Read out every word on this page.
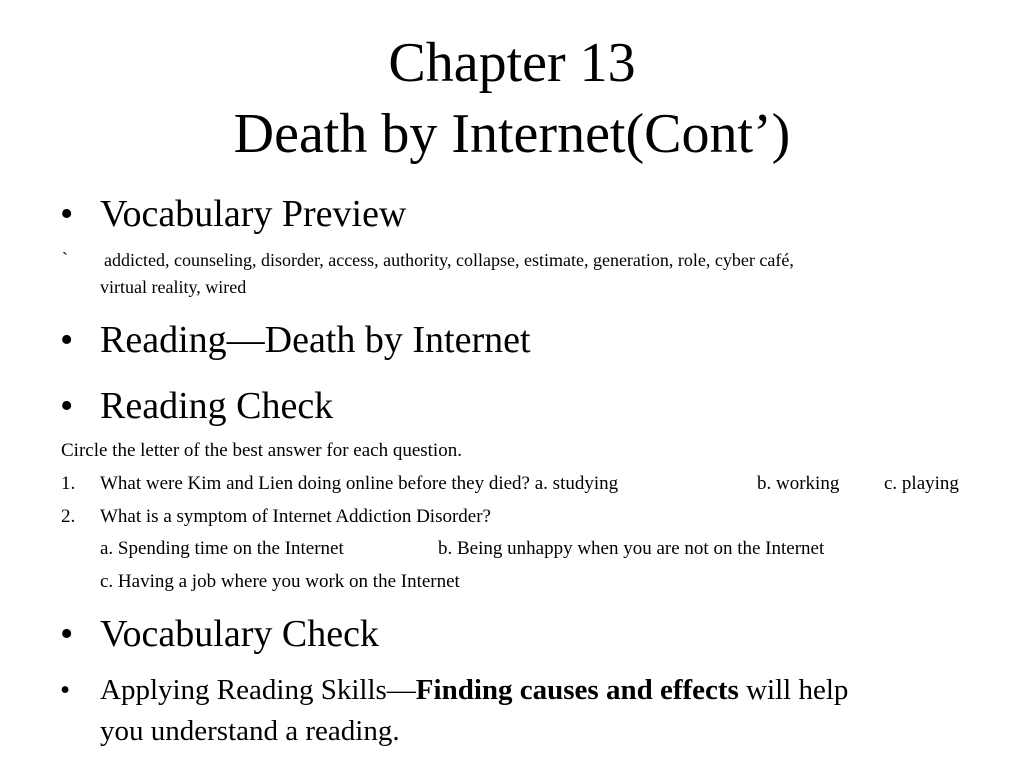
Chapter 13
Death by Internet(Cont’)
• Vocabulary Preview
` addicted, counseling, disorder, access, authority, collapse, estimate, generation, role, cyber café,
virtual reality, wired
• Reading—Death by Internet
• Reading Check
Circle the letter of the best answer for each question.
1. What were Kim and Lien doing online before they died? a. studying	b. working c. playing
2. What is a symptom of Internet Addiction Disorder?
a. Spending time on the Internet	b. Being unhappy when you are not on the Internet
c. Having a job where you work on the Internet
• Vocabulary Check
• Applying Reading Skills—Finding causes and effects will help
you understand a reading.
